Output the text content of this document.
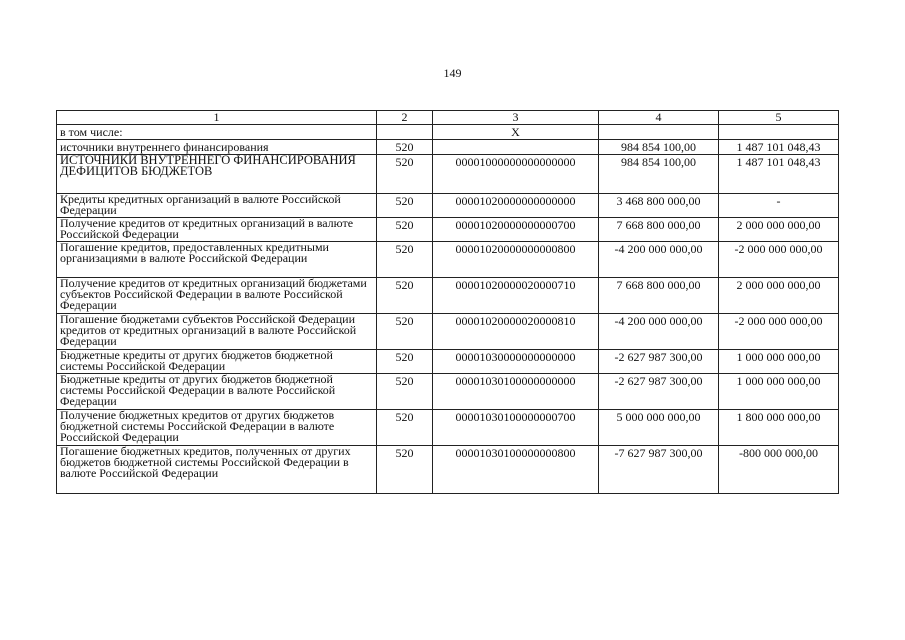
149
1	2	3	4	5
в том числе:		X		
источники внутреннего финансирования	520		984 854 100,00	1 487 101 048,43
ИСТОЧНИКИ ВНУТРЕННЕГО ФИНАНСИРОВАНИЯ ДЕФИЦИТОВ БЮДЖЕТОВ	520	00001000000000000000	984 854 100,00	1 487 101 048,43
Кредиты кредитных организаций в валюте Российской Федерации	520	00001020000000000000	3 468 800 000,00	-
Получение кредитов от кредитных организаций в валюте Российской Федерации	520	00001020000000000700	7 668 800 000,00	2 000 000 000,00
Погашение кредитов, предоставленных кредитными организациями в валюте Российской Федерации	520	00001020000000000800	-4 200 000 000,00	-2 000 000 000,00
Получение кредитов от кредитных организаций бюджетами субъектов Российской Федерации в валюте Российской Федерации	520	00001020000020000710	7 668 800 000,00	2 000 000 000,00
Погашение бюджетами субъектов Российской Федерации кредитов от кредитных организаций в валюте Российской Федерации	520	00001020000020000810	-4 200 000 000,00	-2 000 000 000,00
Бюджетные кредиты от других бюджетов бюджетной системы Российской Федерации	520	00001030000000000000	-2 627 987 300,00	1 000 000 000,00
Бюджетные кредиты от других бюджетов бюджетной системы Российской Федерации в валюте Российской Федерации	520	00001030100000000000	-2 627 987 300,00	1 000 000 000,00
Получение бюджетных кредитов от других бюджетов бюджетной системы Российской Федерации в валюте Российской Федерации	520	00001030100000000700	5 000 000 000,00	1 800 000 000,00
Погашение бюджетных кредитов, полученных от других бюджетов бюджетной системы Российской Федерации в валюте Российской Федерации	520	00001030100000000800	-7 627 987 300,00	-800 000 000,00
